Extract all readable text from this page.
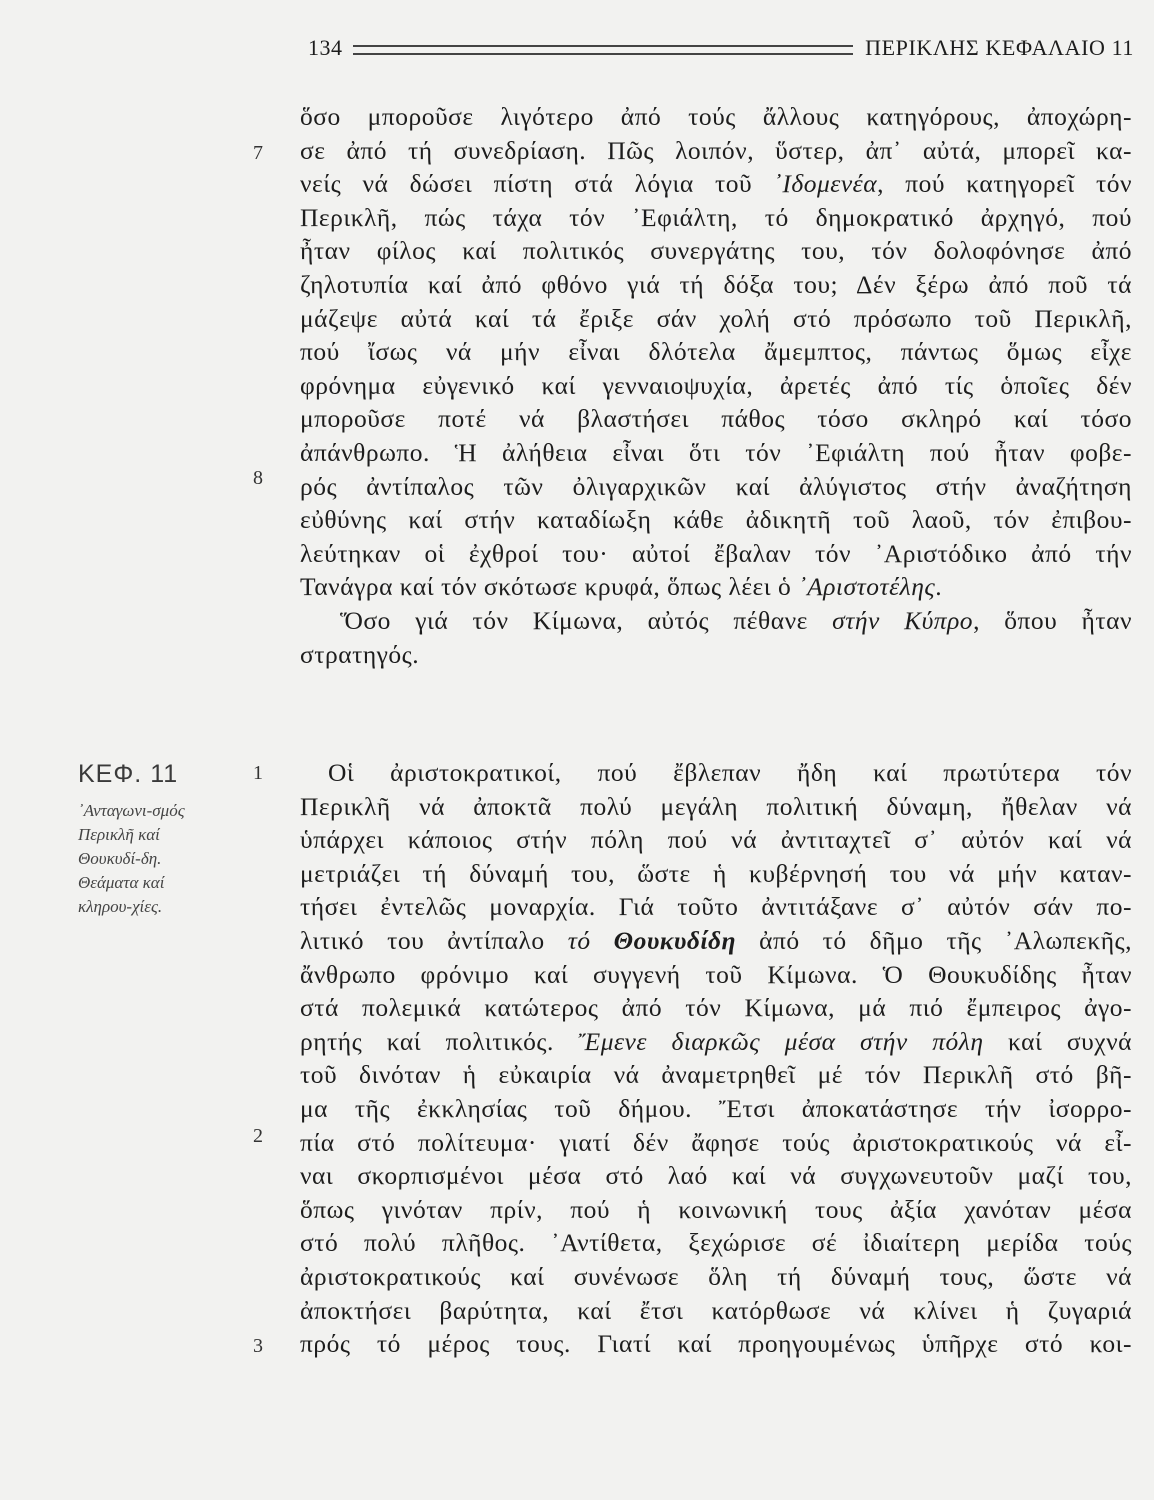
134	ΠΕΡΙΚΛΗΣ ΚΕΦΑΛΑΙΟ 11
7
8
1
2
3
ΚΕΦ. 11
᾿Ανταγωνι-σμός Περικλῆ καί Θουκυδί-δη. Θεάματα καί κληρου-χίες.
ὅσο μποροῦσε λιγότερο ἀπό τούς ἄλλους κατηγόρους, ἀποχώρη-
σε ἀπό τή συνεδρίαση. Πῶς λοιπόν, ὕστερ, ἀπ᾿ αὐτά, μπορεῖ κα-
νείς νά δώσει πίστη στά λόγια τοῦ ᾿Ιδομενέα, πού κατηγορεῖ τόν
Περικλῆ, πώς τάχα τόν ᾿Εφιάλτη, τό δημοκρατικό ἀρχηγό, πού
ἦταν φίλος καί πολιτικός συνεργάτης του, τόν δολοφόνησε ἀπό
ζηλοτυπία καί ἀπό φθόνο γιά τή δόξα του; Δέν ξέρω ἀπό ποῦ τά
μάζεψε αὐτά καί τά ἔριξε σάν χολή στό πρόσωπο τοῦ Περικλῆ,
πού ἴσως νά μήν εἶναι δλότελα ἄμεμπτος, πάντως ὅμως εἶχε
φρόνημα εὐγενικό καί γενναιοψυχία, ἀρετές ἀπό τίς ὁποῖες δέν
μποροῦσε ποτέ νά βλαστήσει πάθος τόσο σκληρό καί τόσο
ἀπάνθρωπο. Ἡ ἀλήθεια εἶναι ὅτι τόν ᾿Εφιάλτη πού ἦταν φοβε-
ρός ἀντίπαλος τῶν ὀλιγαρχικῶν καί ἀλύγιστος στήν ἀναζήτηση
εὐθύνης καί στήν καταδίωξη κάθε ἀδικητῆ τοῦ λαοῦ, τόν ἐπιβου-
λεύτηκαν οἱ ἐχθροί του· αὐτοί ἔβαλαν τόν ᾿Αριστόδικο ἀπό τήν
Τανάγρα καί τόν σκότωσε κρυφά, ὅπως λέει ὁ ᾿Αριστοτέλης.
Ὅσο γιά τόν Κίμωνα, αὐτός πέθανε στήν Κύπρο, ὅπου ἦταν
στρατηγός.
Οἱ ἀριστοκρατικοί, πού ἔβλεπαν ἤδη καί πρωτύτερα τόν
Περικλῆ νά ἀποκτᾶ πολύ μεγάλη πολιτική δύναμη, ἤθελαν νά
ὑπάρχει κάποιος στήν πόλη πού νά ἀντιταχτεῖ σ᾿ αὐτόν καί νά
μετριάζει τή δύναμή του, ὥστε ἡ κυβέρνησή του νά μήν καταν-
τήσει ἐντελῶς μοναρχία. Γιά τοῦτο ἀντιτάξανε σ᾿ αὐτόν σάν πο-
λιτικό του ἀντίπαλο τό Θουκυδίδη ἀπό τό δῆμο τῆς ᾿Αλωπεκῆς,
ἄνθρωπο φρόνιμο καί συγγενή τοῦ Κίμωνα. Ὁ Θουκυδίδης ἦταν
στά πολεμικά κατώτερος ἀπό τόν Κίμωνα, μά πιό ἔμπειρος ἀγο-
ρητής καί πολιτικός. Ἔμενε διαρκῶς μέσα στήν πόλη καί συχνά
τοῦ δινόταν ἡ εὐκαιρία νά ἀναμετρηθεῖ μέ τόν Περικλῆ στό βῆ-
μα τῆς ἐκκλησίας τοῦ δήμου. Ἔτσι ἀποκατάστησε τήν ἰσορρο-
πία στό πολίτευμα· γιατί δέν ἄφησε τούς ἀριστοκρατικούς νά εἶ-
ναι σκορπισμένοι μέσα στό λαό καί νά συγχωνευτοῦν μαζί του,
ὅπως γινόταν πρίν, πού ἡ κοινωνική τους ἀξία χανόταν μέσα
στό πολύ πλῆθος. ᾿Αντίθετα, ξεχώρισε σέ ἰδιαίτερη μερίδα τούς
ἀριστοκρατικούς καί συνένωσε ὅλη τή δύναμή τους, ὥστε νά
ἀποκτήσει βαρύτητα, καί ἔτσι κατόρθωσε νά κλίνει ἡ ζυγαριά
πρός τό μέρος τους. Γιατί καί προηγουμένως ὑπῆρχε στό κοι-
